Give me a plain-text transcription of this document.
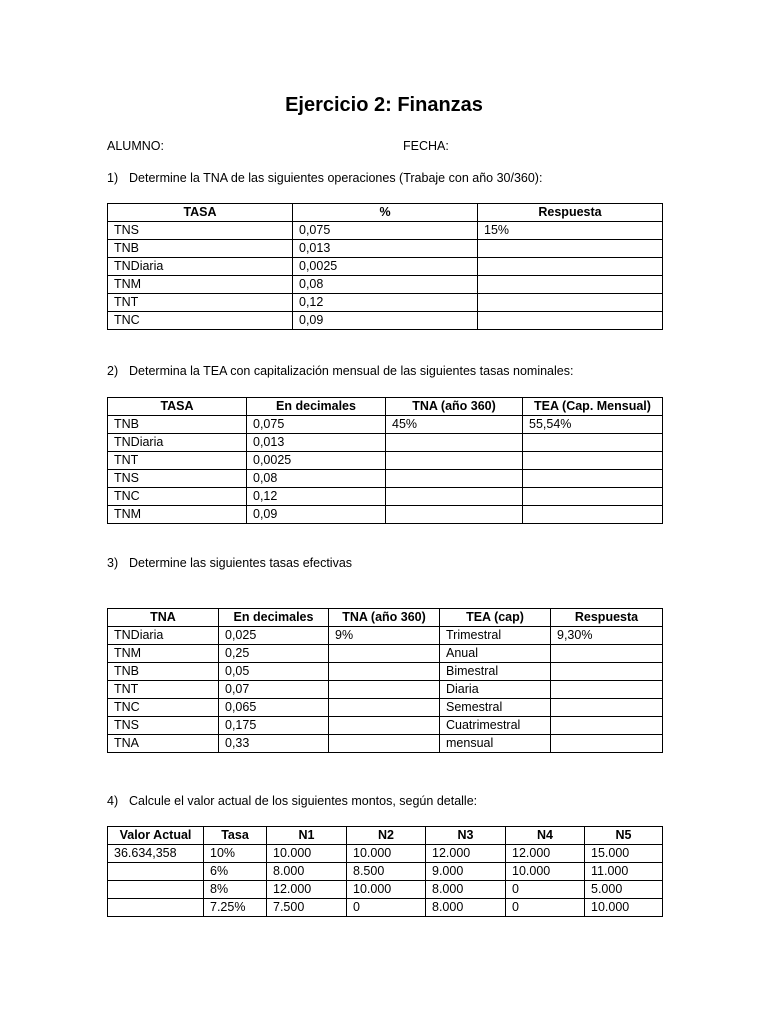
Ejercicio 2: Finanzas

ALUMNO:	FECHA:

1) Determine la TNA de las siguientes operaciones (Trabaje con año 30/360):

TASA	%	Respuesta
TNS	0,075	15%
TNB	0,013	
TNDiaria	0,0025	
TNM	0,08	
TNT	0,12	
TNC	0,09	

2) Determina la TEA con capitalización mensual de las siguientes tasas nominales:

TASA	En decimales	TNA (año 360)	TEA (Cap. Mensual)
TNB	0,075	45%	55,54%
TNDiaria	0,013		
TNT	0,0025		
TNS	0,08		
TNC	0,12		
TNM	0,09		

3) Determine las siguientes tasas efectivas

TNA	En decimales	TNA (año 360)	TEA (cap)	Respuesta
TNDiaria	0,025	9%	Trimestral	9,30%
TNM	0,25		Anual	
TNB	0,05		Bimestral	
TNT	0,07		Diaria	
TNC	0,065		Semestral	
TNS	0,175		Cuatrimestral	
TNA	0,33		mensual	

4) Calcule el valor actual de los siguientes montos, según detalle:

Valor Actual	Tasa	N1	N2	N3	N4	N5
36.634,358	10%	10.000	10.000	12.000	12.000	15.000
	6%	8.000	8.500	9.000	10.000	11.000
	8%	12.000	10.000	8.000	0	5.000
	7.25%	7.500	0	8.000	0	10.000
